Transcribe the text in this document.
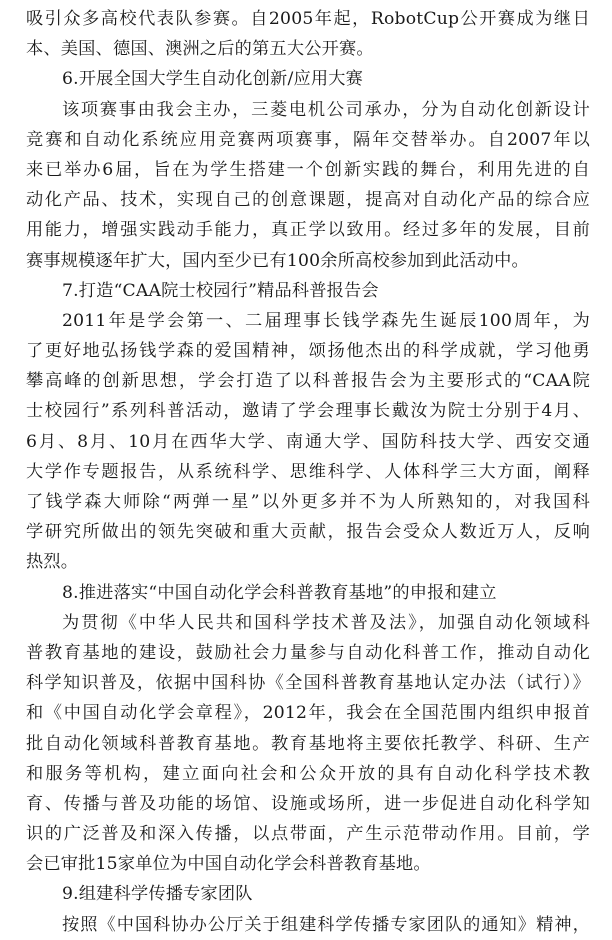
吸引众多高校代表队参赛。自2005年起，RobotCup公开赛成为继日
本、美国、德国、澳洲之后的第五大公开赛。
6.开展全国大学生自动化创新/应用大赛
该项赛事由我会主办，三菱电机公司承办，分为自动化创新设计
竞赛和自动化系统应用竞赛两项赛事，隔年交替举办。自2007年以
来已举办6届，旨在为学生搭建一个创新实践的舞台，利用先进的自
动化产品、技术，实现自己的创意课题，提高对自动化产品的综合应
用能力，增强实践动手能力，真正学以致用。经过多年的发展，目前
赛事规模逐年扩大，国内至少已有100余所高校参加到此活动中。
7.打造“CAA院士校园行”精品科普报告会
2011年是学会第一、二届理事长钱学森先生诞辰100周年，为
了更好地弘扬钱学森的爱国精神，颂扬他杰出的科学成就，学习他勇
攀高峰的创新思想，学会打造了以科普报告会为主要形式的“CAA院
士校园行”系列科普活动，邀请了学会理事长戴汝为院士分别于4月、
6月、8月、10月在西华大学、南通大学、国防科技大学、西安交通
大学作专题报告，从系统科学、思维科学、人体科学三大方面，阐释
了钱学森大师除“两弹一星”以外更多并不为人所熟知的，对我国科
学研究所做出的领先突破和重大贡献，报告会受众人数近万人，反响
热烈。
8.推进落实“中国自动化学会科普教育基地”的申报和建立
为贯彻《中华人民共和国科学技术普及法》，加强自动化领域科
普教育基地的建设，鼓励社会力量参与自动化科普工作，推动自动化
科学知识普及，依据中国科协《全国科普教育基地认定办法（试行）》
和《中国自动化学会章程》，2012年，我会在全国范围内组织申报首
批自动化领域科普教育基地。教育基地将主要依托教学、科研、生产
和服务等机构，建立面向社会和公众开放的具有自动化科学技术教
育、传播与普及功能的场馆、设施或场所，进一步促进自动化科学知
识的广泛普及和深入传播，以点带面，产生示范带动作用。目前，学
会已审批15家单位为中国自动化学会科普教育基地。
9.组建科学传播专家团队
按照《中国科协办公厅关于组建科学传播专家团队的通知》精神，
